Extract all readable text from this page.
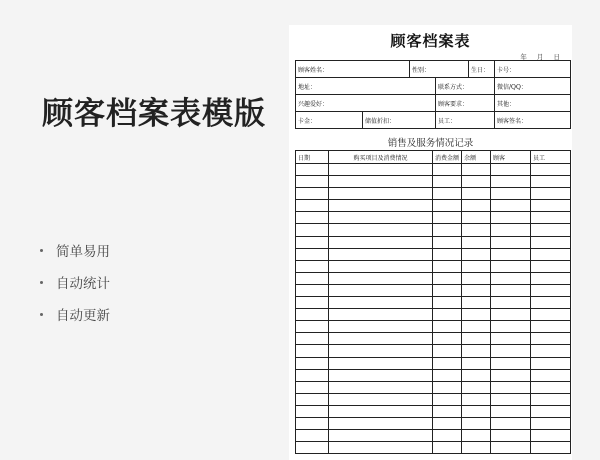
顾客档案表模版
简单易用
自动统计
自动更新
顾客档案表
年 月 日
顾客姓名：		性别：		生日：	卡号：
地址：			联系方式：		微信/QQ：
兴趣爱好：			顾客要求：		其他：
卡金：	储值折扣：		员工：		顾客签名：
销售及服务情况记录
日期	购买项目及消费情况	消费金额	余额	顾客	员工
